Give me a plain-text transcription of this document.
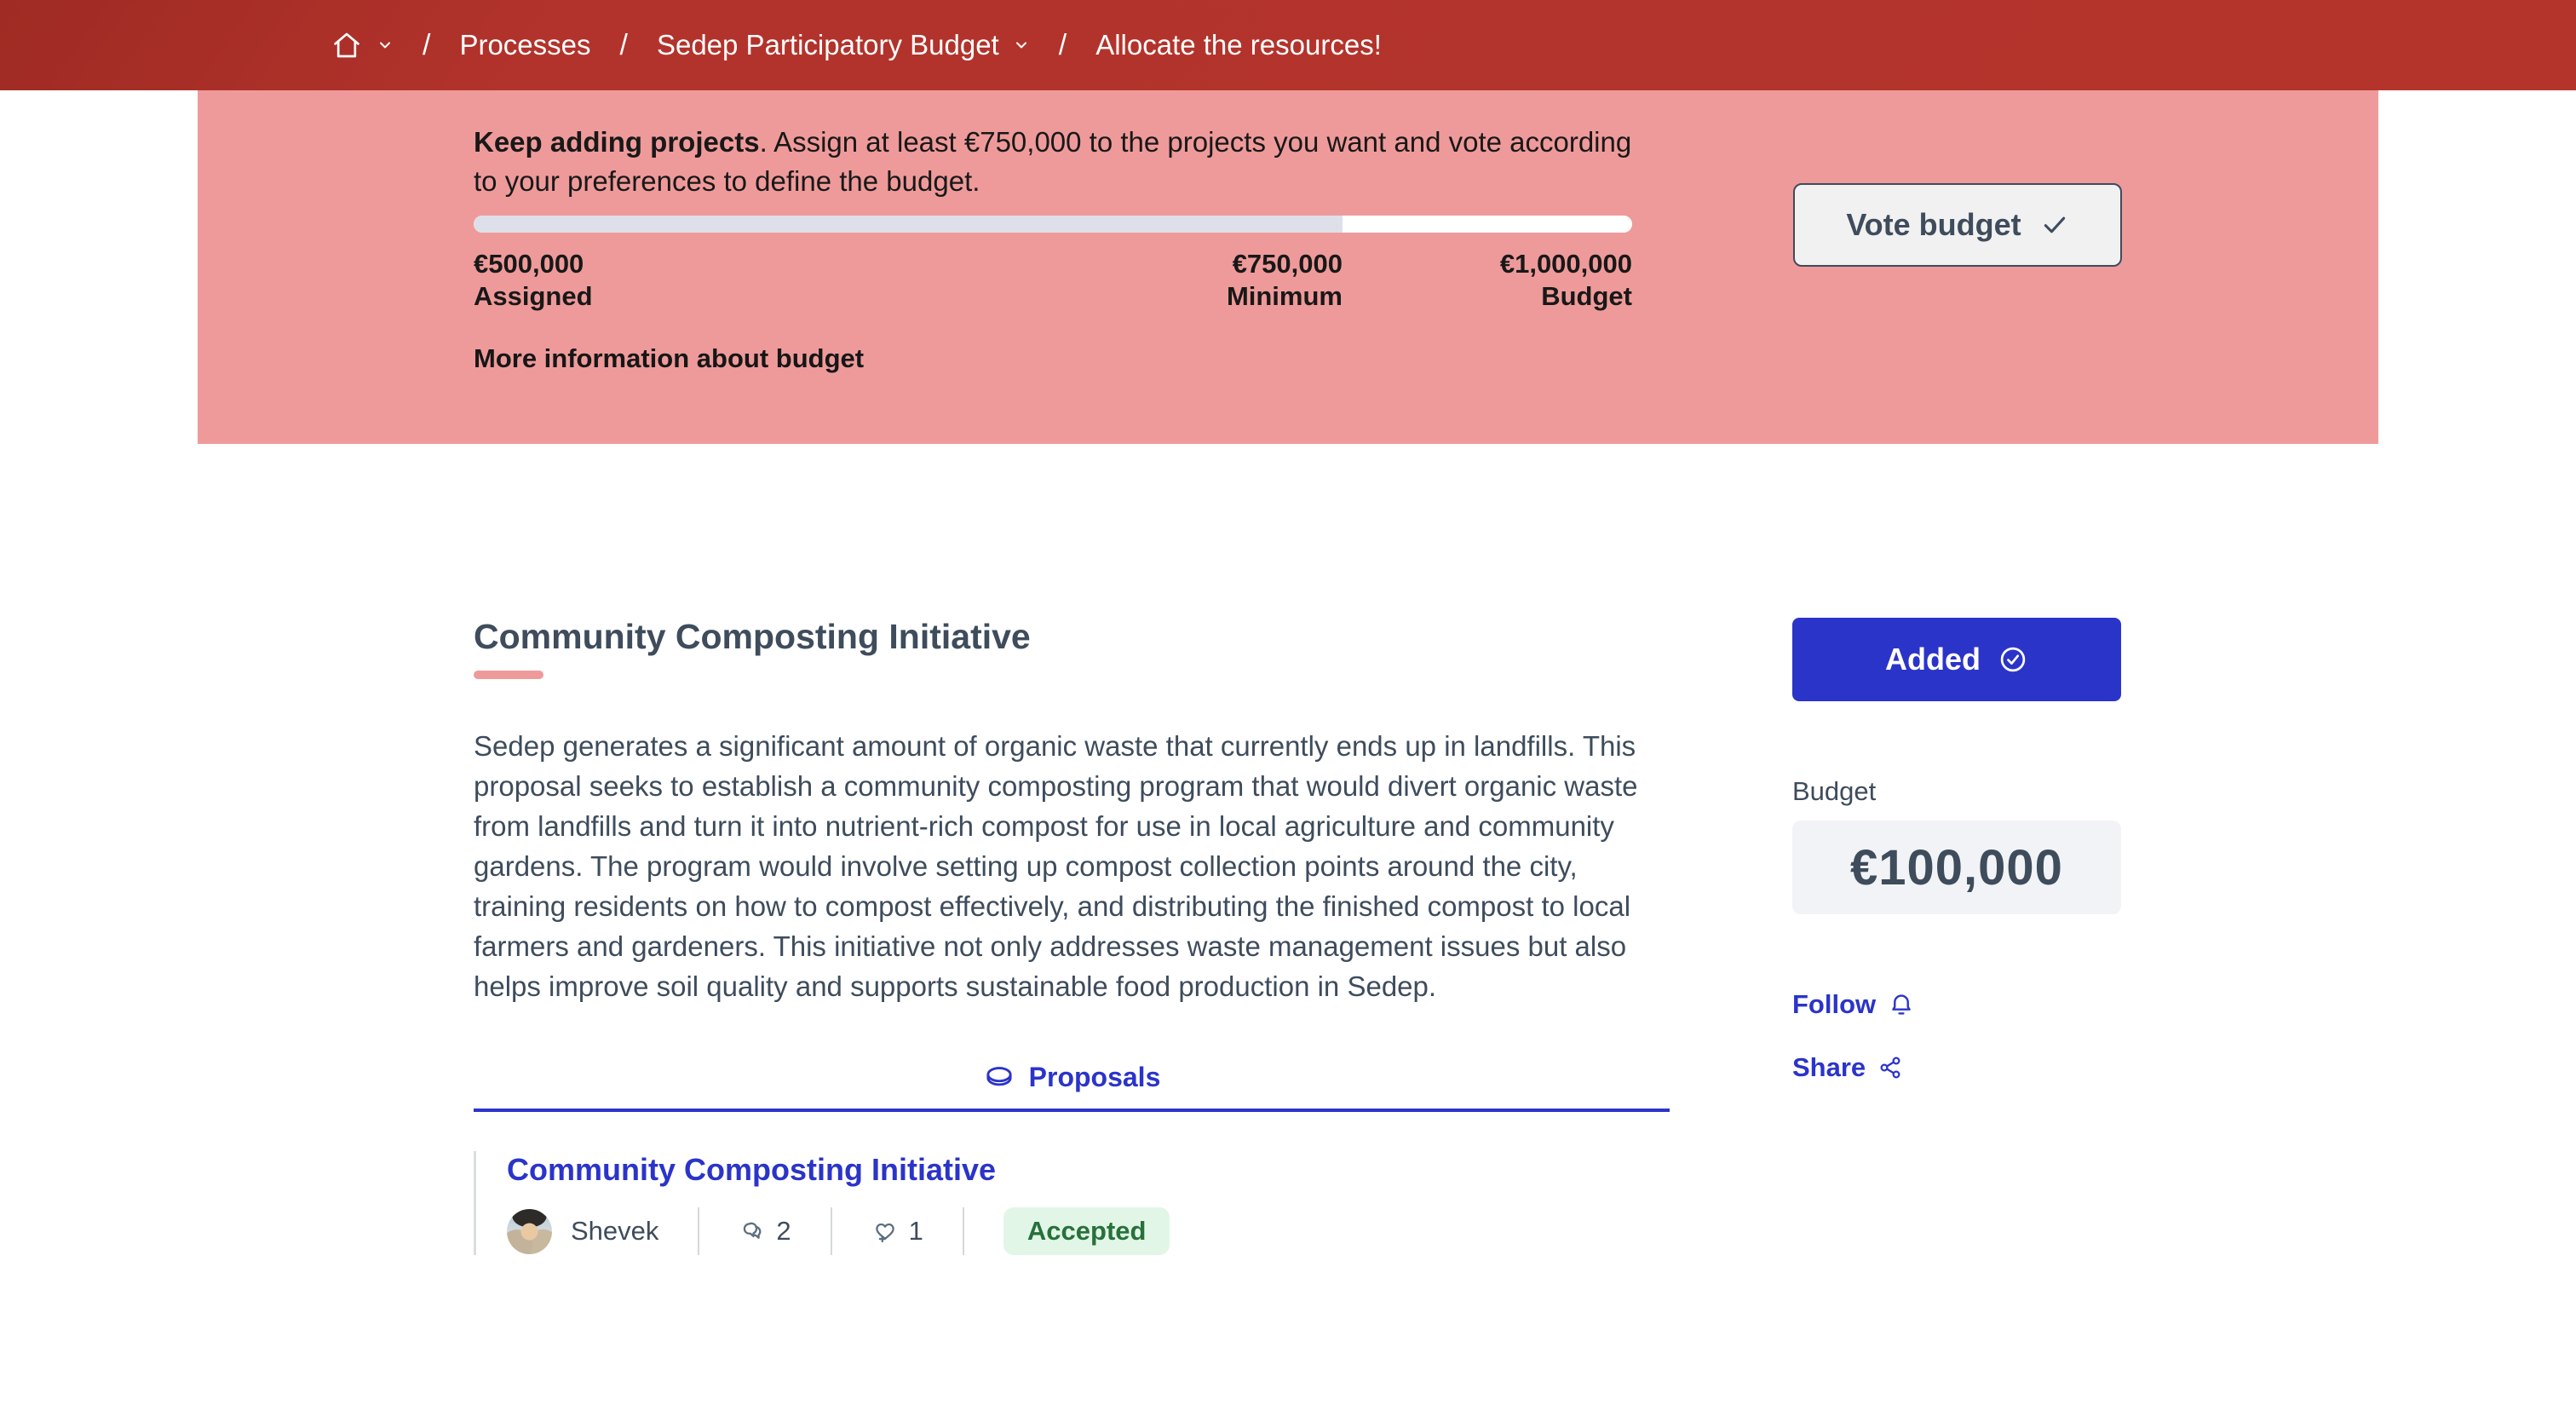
/ Processes / Sedep Participatory Budget / Allocate the resources!

Keep adding projects. Assign at least €750,000 to the projects you want and vote according to your preferences to define the budget.

€500,000
Assigned
€750,000
Minimum
€1,000,000
Budget
More information about budget
Vote budget
Community Composting Initiative

Sedep generates a significant amount of organic waste that currently ends up in landfills. This proposal seeks to establish a community composting program that would divert organic waste from landfills and turn it into nutrient-rich compost for use in local agriculture and community gardens. The program would involve setting up compost collection points around the city, training residents on how to compost effectively, and distributing the finished compost to local farmers and gardeners. This initiative not only addresses waste management issues but also helps improve soil quality and supports sustainable food production in Sedep.

Proposals
Community Composting Initiative
Shevek	2	1	Accepted
Added
Budget
€100,000
Follow
Share
